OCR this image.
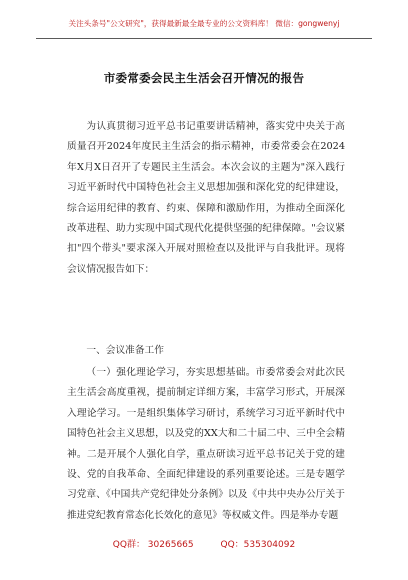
关注头条号"公文研究"，获得最新最全最专业的公文资料库！ 微信：gongwenyj
市委常委会民主生活会召开情况的报告

为认真贯彻习近平总书记重要讲话精神，落实党中央关于高质量召开2024年度民主生活会的指示精神，市委常委会在2024年X月X日召开了专题民主生活会。本次会议的主题为"深入践行习近平新时代中国特色社会主义思想加强和深化党的纪律建设，综合运用纪律的教育、约束、保障和激励作用，为推动全面深化改革进程、助力实现中国式现代化提供坚强的纪律保障。"会议紧扣"四个带头"要求深入开展对照检查以及批评与自我批评。现将会议情况报告如下：

一、会议准备工作

（一）强化理论学习，夯实思想基础。市委常委会对此次民主生活会高度重视，提前制定详细方案，丰富学习形式，开展深入理论学习。一是组织集体学习研讨，系统学习习近平新时代中国特色社会主义思想，以及党的XX大和二十届二中、三中全会精神。二是开展个人强化自学，重点研读习近平总书记关于党的建设、党的自我革命、全面纪律建设的系列重要论述。三是专题学习党章、《中国共产党纪律处分条例》以及《中共中央办公厅关于推进党纪教育常态化长效化的意见》等权威文件。四是举办专题

QQ群： 30265665	QQ：535304092
